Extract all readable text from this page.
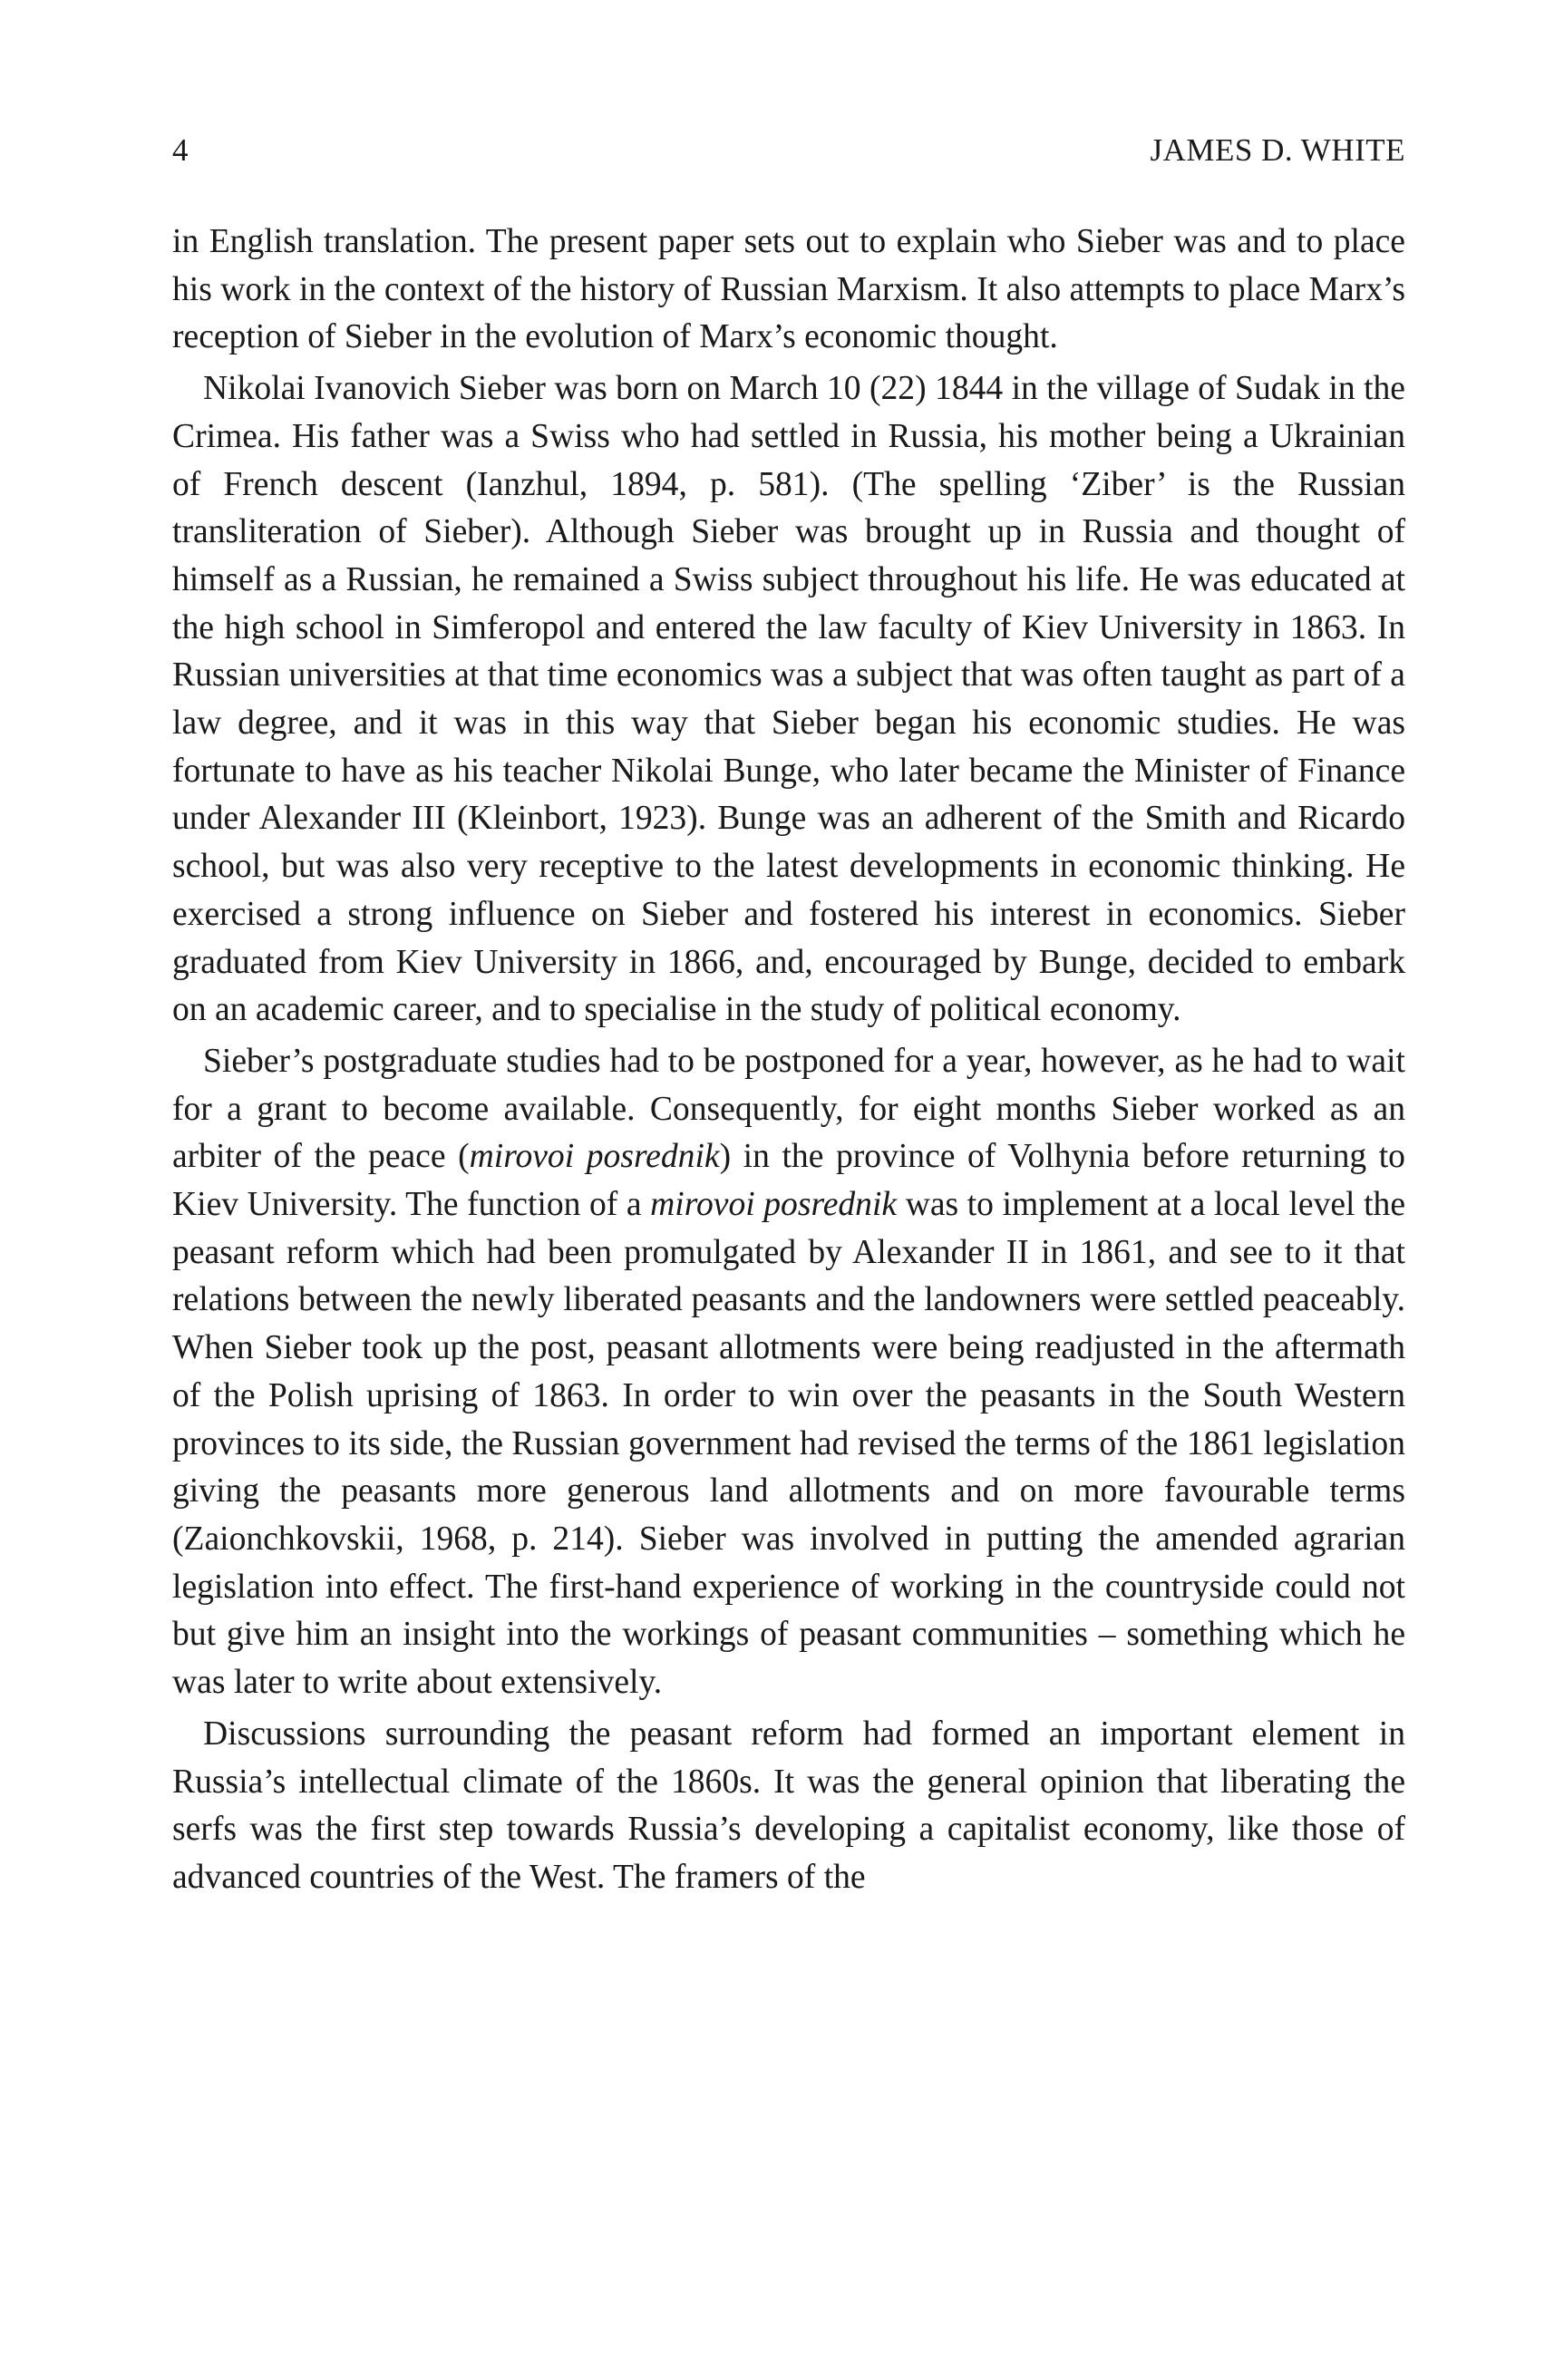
4	JAMES D. WHITE

in English translation. The present paper sets out to explain who Sieber was and to place his work in the context of the history of Russian Marxism. It also attempts to place Marx’s reception of Sieber in the evolution of Marx’s economic thought.

Nikolai Ivanovich Sieber was born on March 10 (22) 1844 in the village of Sudak in the Crimea. His father was a Swiss who had settled in Russia, his mother being a Ukrainian of French descent (Ianzhul, 1894, p. 581). (The spelling ‘Ziber’ is the Russian transliteration of Sieber). Although Sieber was brought up in Russia and thought of himself as a Russian, he remained a Swiss subject throughout his life. He was educated at the high school in Simferopol and entered the law faculty of Kiev University in 1863. In Russian universities at that time economics was a subject that was often taught as part of a law degree, and it was in this way that Sieber began his economic studies. He was fortunate to have as his teacher Nikolai Bunge, who later became the Minister of Finance under Alexander III (Kleinbort, 1923). Bunge was an adherent of the Smith and Ricardo school, but was also very receptive to the latest developments in economic thinking. He exercised a strong influence on Sieber and fostered his interest in economics. Sieber graduated from Kiev University in 1866, and, encouraged by Bunge, decided to embark on an academic career, and to specialise in the study of political economy.

Sieber’s postgraduate studies had to be postponed for a year, however, as he had to wait for a grant to become available. Consequently, for eight months Sieber worked as an arbiter of the peace (mirovoi posrednik) in the province of Volhynia before returning to Kiev University. The function of a mirovoi posrednik was to implement at a local level the peasant reform which had been promulgated by Alexander II in 1861, and see to it that relations between the newly liberated peasants and the landowners were settled peaceably. When Sieber took up the post, peasant allotments were being readjusted in the aftermath of the Polish uprising of 1863. In order to win over the peasants in the South Western provinces to its side, the Russian government had revised the terms of the 1861 legislation giving the peasants more generous land allotments and on more favourable terms (Zaionchkovskii, 1968, p. 214). Sieber was involved in putting the amended agrarian legislation into effect. The first-hand experience of working in the countryside could not but give him an insight into the workings of peasant communities – something which he was later to write about extensively.

Discussions surrounding the peasant reform had formed an important element in Russia’s intellectual climate of the 1860s. It was the general opinion that liberating the serfs was the first step towards Russia’s developing a capitalist economy, like those of advanced countries of the West. The framers of the
